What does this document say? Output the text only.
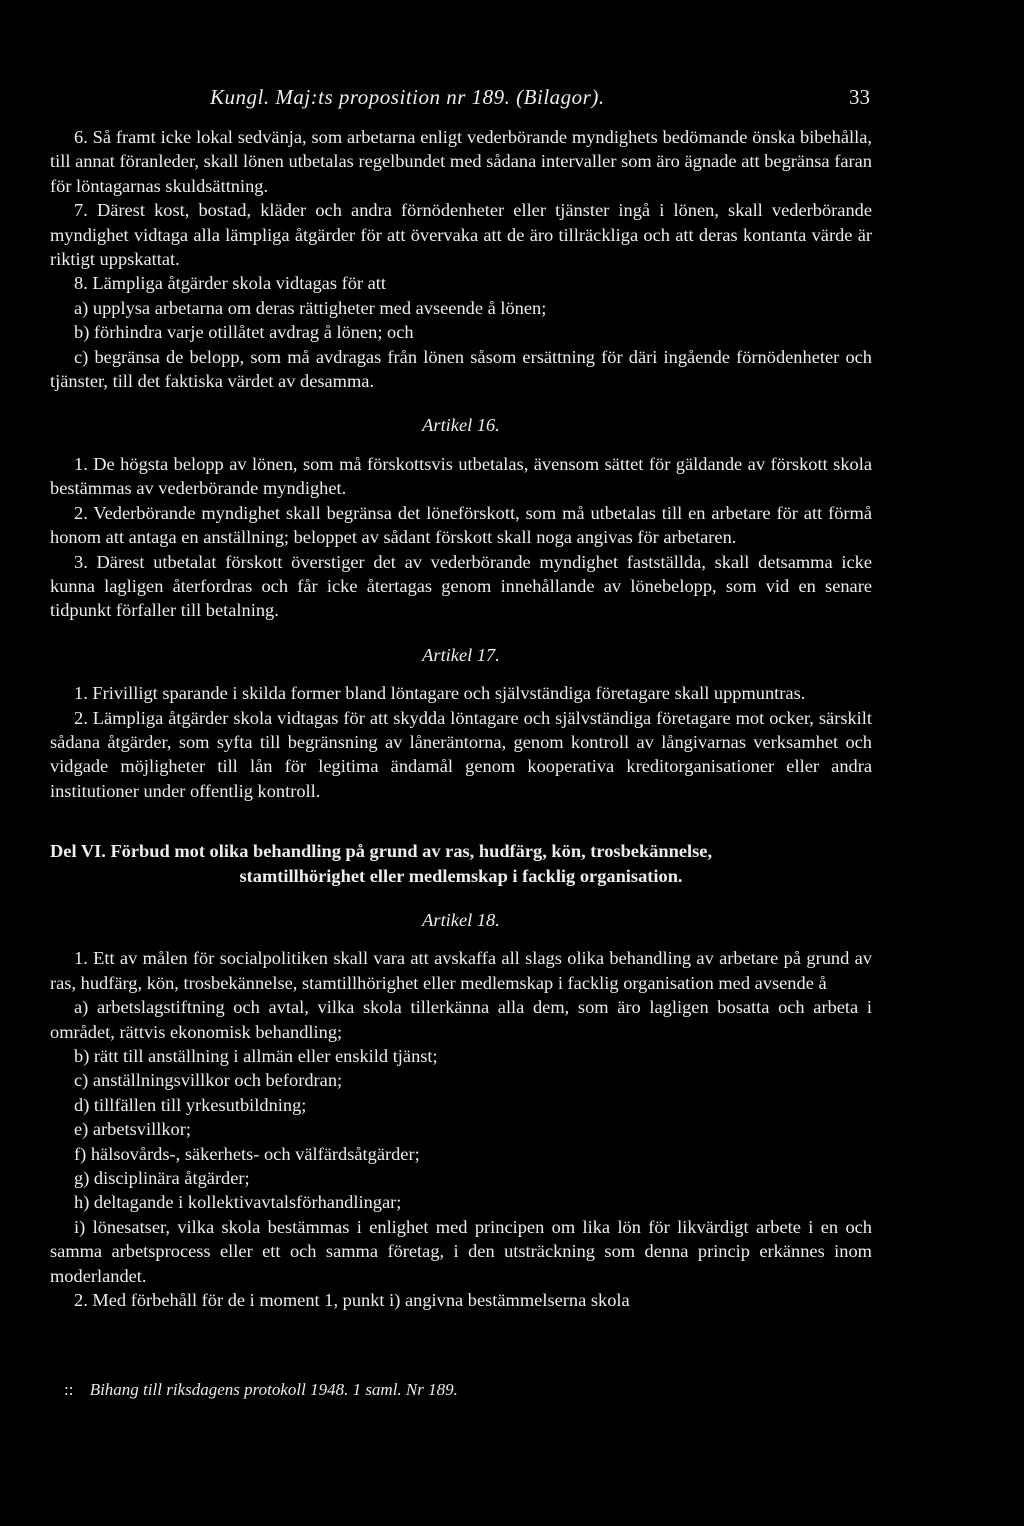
Kungl. Maj:ts proposition nr 189. (Bilagor).	33

6. Så framt icke lokal sedvänja, som arbetarna enligt vederbörande myndighets bedömande önska bibehålla, till annat föranleder, skall lönen utbetalas regelbundet med sådana intervaller som äro ägnade att begränsa faran för löntagarnas skuldsättning.

7. Därest kost, bostad, kläder och andra förnödenheter eller tjänster ingå i lönen, skall vederbörande myndighet vidtaga alla lämpliga åtgärder för att övervaka att de äro tillräckliga och att deras kontanta värde är riktigt uppskattat.

8. Lämpliga åtgärder skola vidtagas för att

a) upplysa arbetarna om deras rättigheter med avseende å lönen;

b) förhindra varje otillåtet avdrag å lönen; och

c) begränsa de belopp, som må avdragas från lönen såsom ersättning för däri ingående förnödenheter och tjänster, till det faktiska värdet av desamma.

Artikel 16.

1. De högsta belopp av lönen, som må förskottsvis utbetalas, ävensom sättet för gäldande av förskott skola bestämmas av vederbörande myndighet.

2. Vederbörande myndighet skall begränsa det löneförskott, som må utbetalas till en arbetare för att förmå honom att antaga en anställning; beloppet av sådant förskott skall noga angivas för arbetaren.

3. Därest utbetalat förskott överstiger det av vederbörande myndighet fastställda, skall detsamma icke kunna lagligen återfordras och får icke återtagas genom innehållande av lönebelopp, som vid en senare tidpunkt förfaller till betalning.

Artikel 17.

1. Frivilligt sparande i skilda former bland löntagare och självständiga företagare skall uppmuntras.

2. Lämpliga åtgärder skola vidtagas för att skydda löntagare och självständiga företagare mot ocker, särskilt sådana åtgärder, som syfta till begränsning av låneräntorna, genom kontroll av långivarnas verksamhet och vidgade möjligheter till lån för legitima ändamål genom kooperativa kreditorganisationer eller andra institutioner under offentlig kontroll.

Del VI. Förbud mot olika behandling på grund av ras, hudfärg, kön, trosbekännelse,

stamtillhörighet eller medlemskap i facklig organisation.

Artikel 18.

1. Ett av målen för socialpolitiken skall vara att avskaffa all slags olika behandling av arbetare på grund av ras, hudfärg, kön, trosbekännelse, stamtillhörighet eller medlemskap i facklig organisation med avsende å

a) arbetslagstiftning och avtal, vilka skola tillerkänna alla dem, som äro lagligen bosatta och arbeta i området, rättvis ekonomisk behandling;

b) rätt till anställning i allmän eller enskild tjänst;

c) anställningsvillkor och befordran;

d) tillfällen till yrkesutbildning;

e) arbetsvillkor;

f) hälsovårds-, säkerhets- och välfärdsåtgärder;

g) disciplinära åtgärder;

h) deltagande i kollektivavtalsförhandlingar;

i) lönesatser, vilka skola bestämmas i enlighet med principen om lika lön för likvärdigt arbete i en och samma arbetsprocess eller ett och samma företag, i den utsträckning som denna princip erkännes inom moderlandet.

2. Med förbehåll för de i moment 1, punkt i) angivna bestämmelserna skola

:: Bihang till riksdagens protokoll 1948. 1 saml. Nr 189.
